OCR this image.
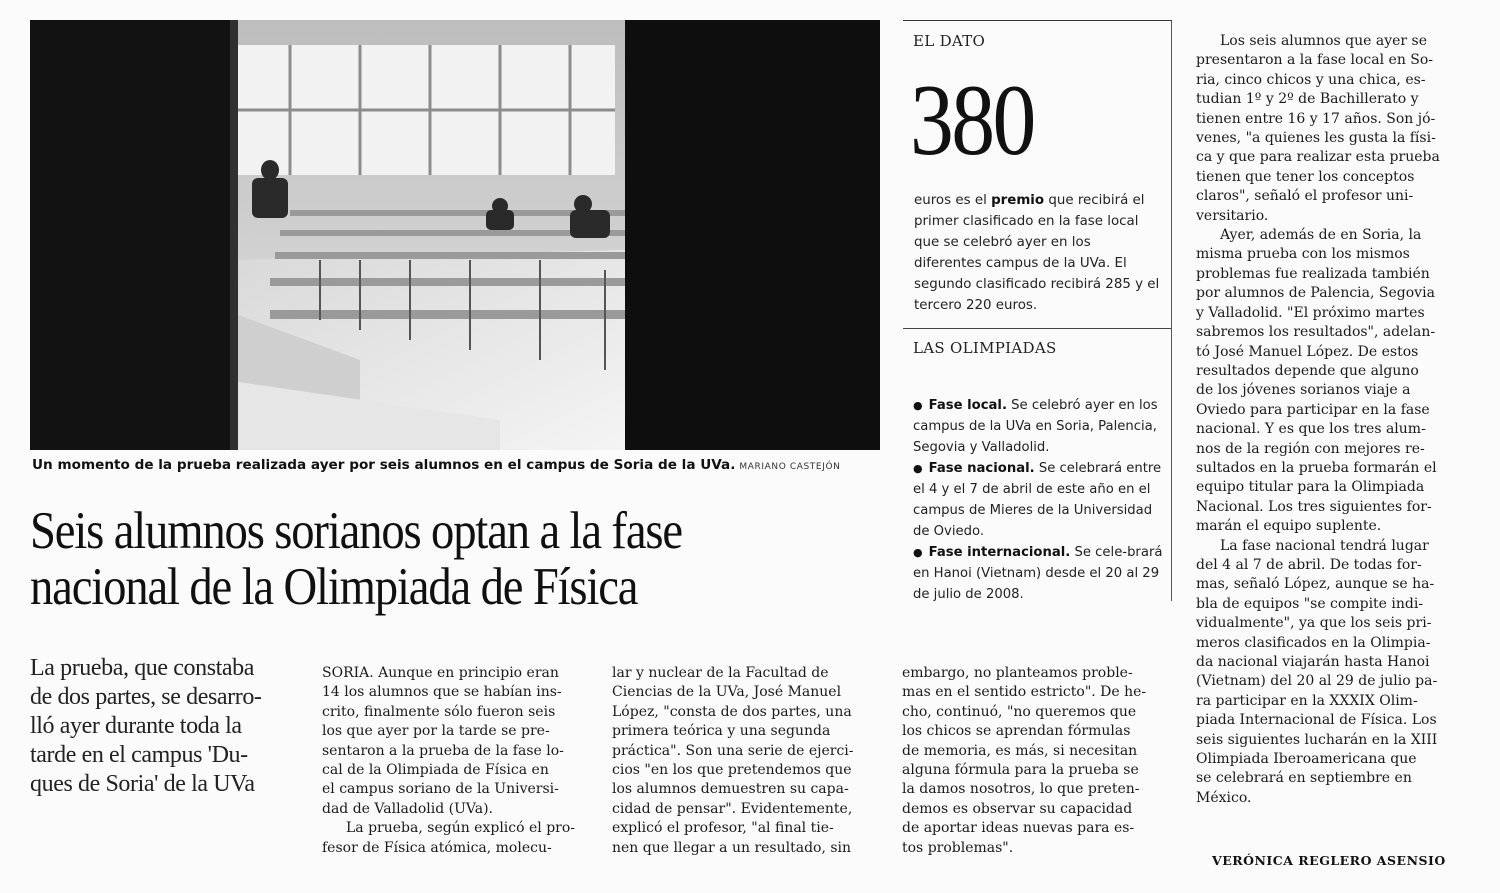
Un momento de la prueba realizada ayer por seis alumnos en el campus de Soria de la UVa. MARIANO CASTEJÓN
Seis alumnos sorianos optan a la fase
nacional de la Olimpiada de Física

La prueba, que constaba
de dos partes, se desarro-
lló ayer durante toda la
tarde en el campus 'Du-
ques de Soria' de la UVa

SORIA. Aunque en principio eran
14 los alumnos que se habían ins-
crito, finalmente sólo fueron seis
los que ayer por la tarde se pre-
sentaron a la prueba de la fase lo-
cal de la Olimpiada de Física en
el campus soriano de la Universi-
dad de Valladolid (UVa).

La prueba, según explicó el pro-
fesor de Física atómica, molecu-

lar y nuclear de la Facultad de
Ciencias de la UVa, José Manuel
López, "consta de dos partes, una
primera teórica y una segunda
práctica". Son una serie de ejerci-
cios "en los que pretendemos que
los alumnos demuestren su capa-
cidad de pensar". Evidentemente,
explicó el profesor, "al final tie-
nen que llegar a un resultado, sin

embargo, no planteamos proble-
mas en el sentido estricto". De he-
cho, continuó, "no queremos que
los chicos se aprendan fórmulas
de memoria, es más, si necesitan
alguna fórmula para la prueba se
la damos nosotros, lo que preten-
demos es observar su capacidad
de aportar ideas nuevas para es-
tos problemas".

Los seis alumnos que ayer se
presentaron a la fase local en So-
ria, cinco chicos y una chica, es-
tudian 1º y 2º de Bachillerato y
tienen entre 16 y 17 años. Son jó-
venes, "a quienes les gusta la físi-
ca y que para realizar esta prueba
tienen que tener los conceptos
claros", señaló el profesor uni-
versitario.

Ayer, además de en Soria, la
misma prueba con los mismos
problemas fue realizada también
por alumnos de Palencia, Segovia
y Valladolid. "El próximo martes
sabremos los resultados", adelan-
tó José Manuel López. De estos
resultados depende que alguno
de los jóvenes sorianos viaje a
Oviedo para participar en la fase
nacional. Y es que los tres alum-
nos de la región con mejores re-
sultados en la prueba formarán el
equipo titular para la Olimpiada
Nacional. Los tres siguientes for-
marán el equipo suplente.

La fase nacional tendrá lugar
del 4 al 7 de abril. De todas for-
mas, señaló López, aunque se ha-
bla de equipos "se compite indi-
vidualmente", ya que los seis pri-
meros clasificados en la Olimpia-
da nacional viajarán hasta Hanoi
(Vietnam) del 20 al 29 de julio pa-
ra participar en la XXXIX Olim-
piada Internacional de Física. Los
seis siguientes lucharán en la XIII
Olimpiada Iberoamericana que
se celebrará en septiembre en
México.

EL DATO
380
euros es el premio que recibirá el primer clasificado en la fase local que se celebró ayer en los diferentes campus de la UVa. El segundo clasificado recibirá 285 y el tercero 220 euros.
LAS OLIMPIADAS
● Fase local. Se celebró ayer en los campus de la UVa en Soria, Palencia, Segovia y Valladolid.
● Fase nacional. Se celebrará entre el 4 y el 7 de abril de este año en el campus de Mieres de la Universidad de Oviedo.
● Fase internacional. Se cele-brará en Hanoi (Vietnam) desde el 20 al 29 de julio de 2008.
VERÓNICA REGLERO ASENSIO
